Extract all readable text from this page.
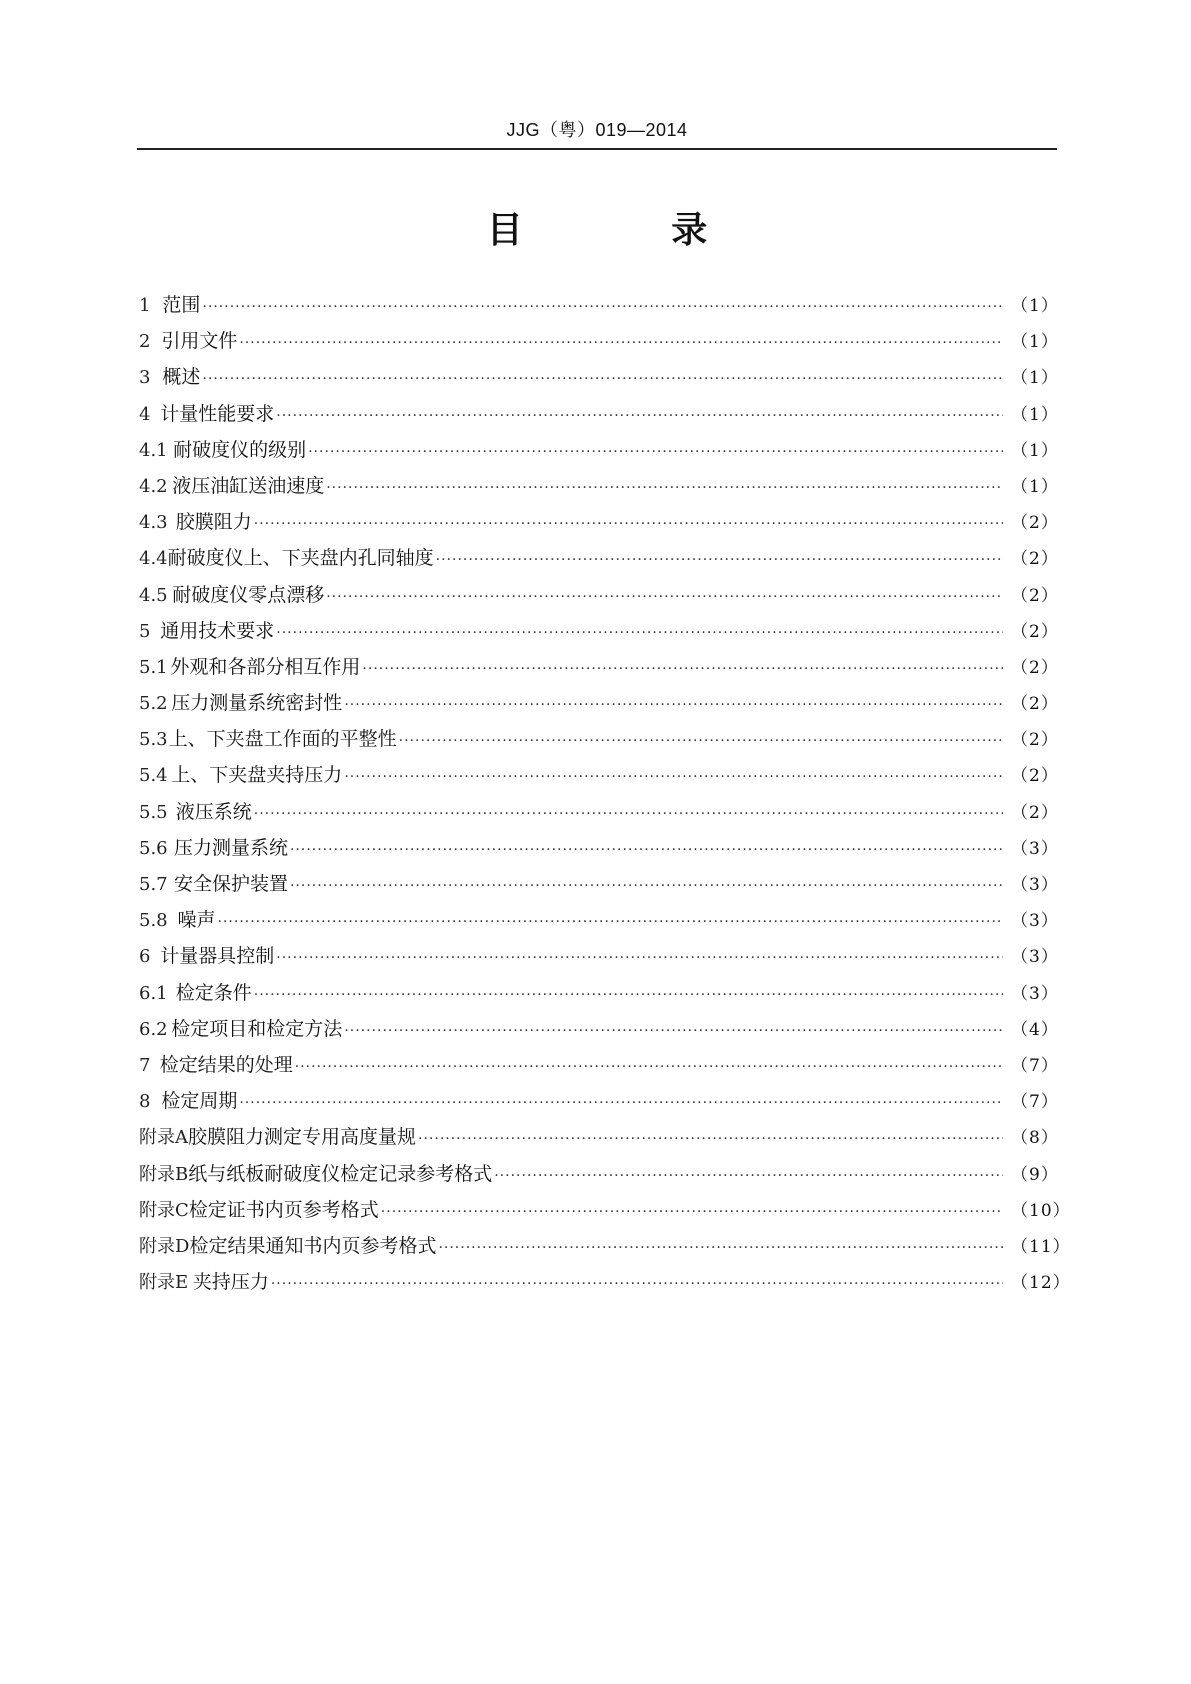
JJG（粤）019—2014
目 录
1 范围 ·····	（1）
2 引用文件 ·····	（1）
3 概述 ·····	（1）
4 计量性能要求 ·····	（1）
4.1 耐破度仪的级别 ·····	（1）
4.2 液压油缸送油速度 ·····	（1）
4.3 胶膜阻力 ·····	（2）
4.4 耐破度仪上、下夹盘内孔同轴度 ·····	（2）
4.5 耐破度仪零点漂移 ·····	（2）
5 通用技术要求 ·····	（2）
5.1 外观和各部分相互作用 ·····	（2）
5.2 压力测量系统密封性 ·····	（2）
5.3 上、下夹盘工作面的平整性 ·····	（2）
5.4 上、下夹盘夹持压力 ·····	（2）
5.5 液压系统 ·····	（2）
5.6 压力测量系统 ·····	（3）
5.7 安全保护装置 ·····	（3）
5.8 噪声 ·····	（3）
6 计量器具控制 ·····	（3）
6.1 检定条件 ·····	（3）
6.2 检定项目和检定方法 ·····	（4）
7 检定结果的处理 ·····	（7）
8 检定周期 ·····	（7）
附录A 胶膜阻力测定专用高度量规 ·····	（8）
附录B 纸与纸板耐破度仪检定记录参考格式 ·····	（9）
附录C 检定证书内页参考格式 ·····	（10）
附录D 检定结果通知书内页参考格式 ·····	（11）
附录E 夹持压力 ·····	（12）
